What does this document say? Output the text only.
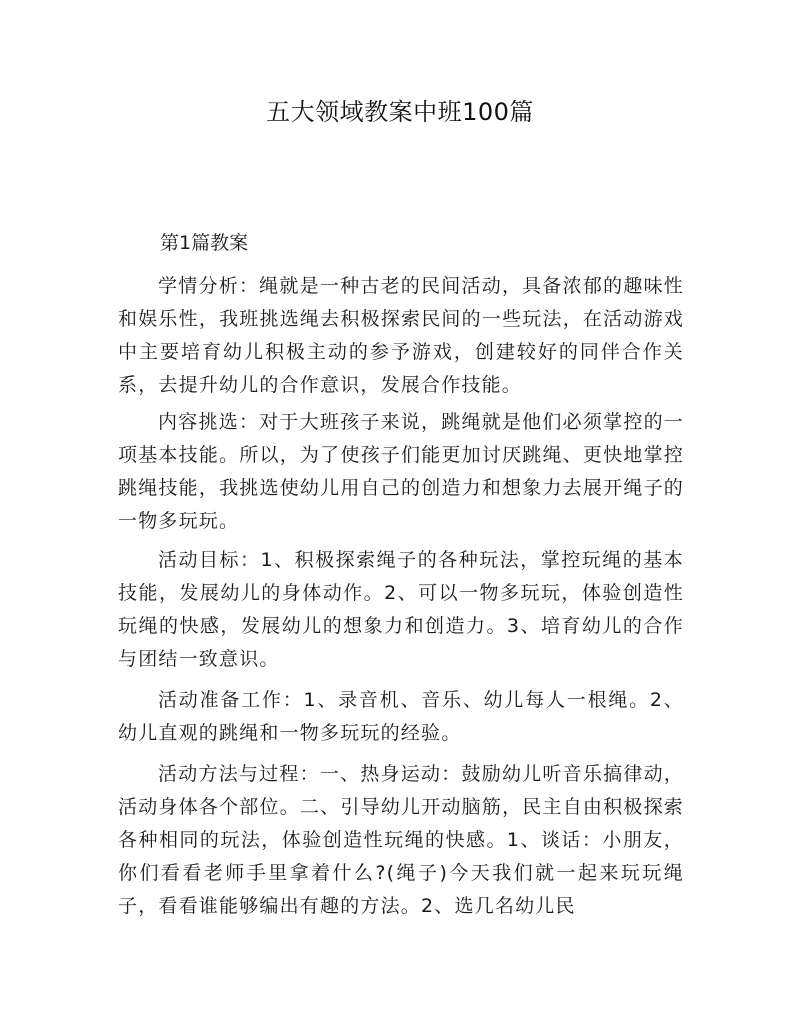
五大领域教案中班100篇
第1篇教案

学情分析：绳就是一种古老的民间活动，具备浓郁的趣味性和娱乐性，我班挑选绳去积极探索民间的一些玩法，在活动游戏中主要培育幼儿积极主动的参予游戏，创建较好的同伴合作关系，去提升幼儿的合作意识，发展合作技能。

内容挑选：对于大班孩子来说，跳绳就是他们必须掌控的一项基本技能。所以，为了使孩子们能更加讨厌跳绳、更快地掌控跳绳技能，我挑选使幼儿用自己的创造力和想象力去展开绳子的一物多玩玩。

活动目标：1、积极探索绳子的各种玩法，掌控玩绳的基本技能，发展幼儿的身体动作。2、可以一物多玩玩，体验创造性玩绳的快感，发展幼儿的想象力和创造力。3、培育幼儿的合作与团结一致意识。

活动准备工作：1、录音机、音乐、幼儿每人一根绳。2、幼儿直观的跳绳和一物多玩玩的经验。

活动方法与过程：一、热身运动：鼓励幼儿听音乐搞律动，活动身体各个部位。二、引导幼儿开动脑筋，民主自由积极探索各种相同的玩法，体验创造性玩绳的快感。1、谈话：小朋友，你们看看老师手里拿着什么?(绳子)今天我们就一起来玩玩绳子，看看谁能够编出有趣的方法。2、选几名幼儿民
